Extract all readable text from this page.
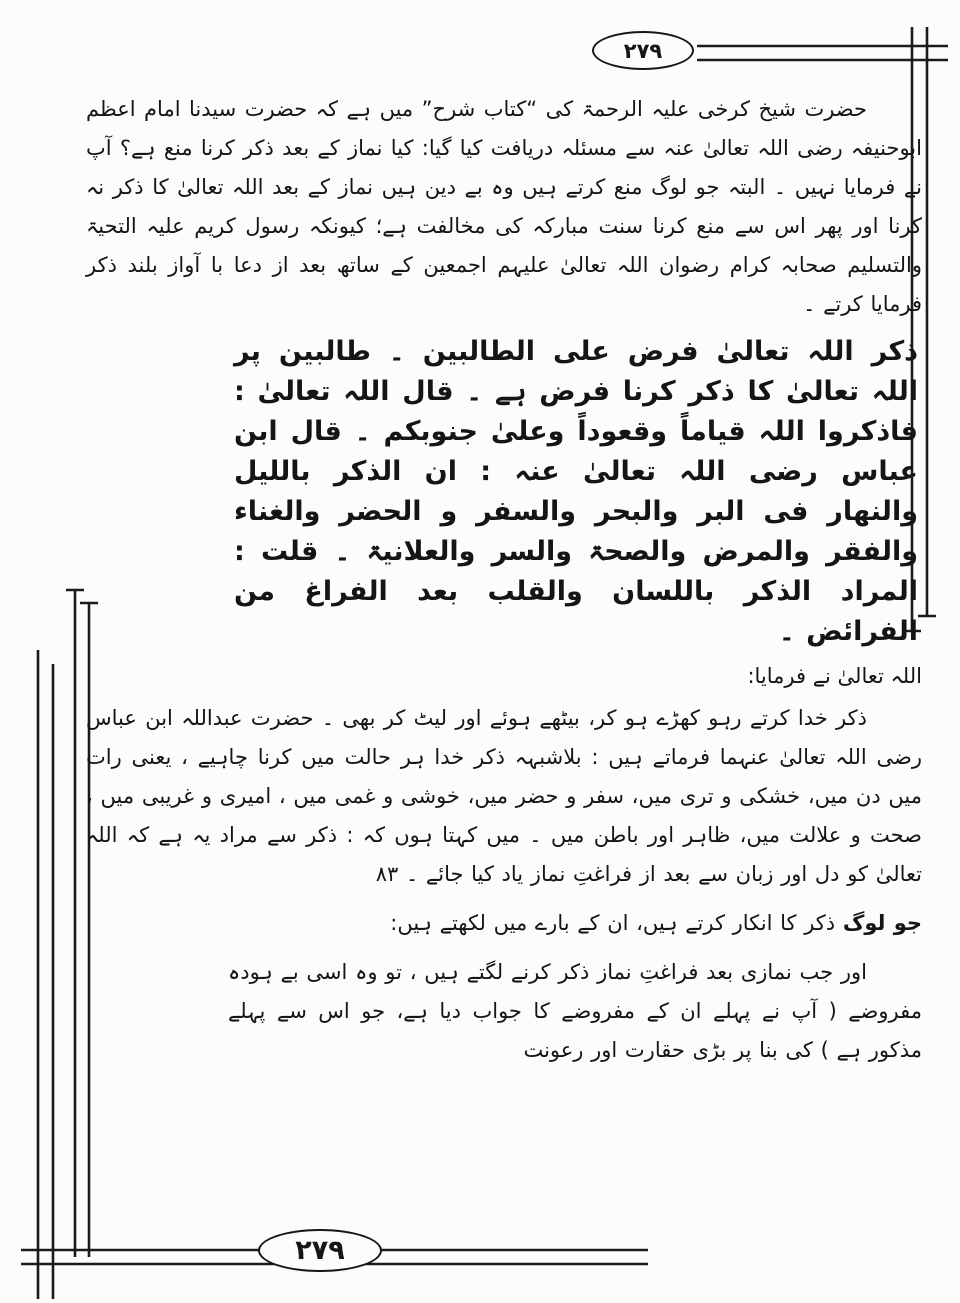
۲۷۹

حضرت شیخ کرخی علیہ الرحمۃ کی “کتاب شرح” میں ہے کہ حضرت سیدنا امام اعظم ابوحنیفہ رضی اللہ تعالیٰ عنہ سے مسئلہ دریافت کیا گیا: کیا نماز کے بعد ذکر کرنا منع ہے؟ آپ نے فرمایا نہیں ۔ البتہ جو لوگ منع کرتے ہیں وہ بے دین ہیں نماز کے بعد اللہ تعالیٰ کا ذکر نہ کرنا اور پھر اس سے منع کرنا سنت مبارکہ کی مخالفت ہے؛ کیونکہ رسول کریم علیہ التحیۃ والتسلیم صحابہ کرام رضوان اللہ تعالیٰ علیہم اجمعین کے ساتھ بعد از دعا با آواز بلند ذکر فرمایا کرتے ۔

ذکر اللہ تعالیٰ فرض علی الطالبین ۔ طالبین پر اللہ تعالیٰ کا ذکر کرنا فرض ہے ۔ قال اللہ تعالیٰ : فاذکروا اللہ قیاماً وقعوداً وعلیٰ جنوبکم ۔ قال ابن عباس رضی اللہ تعالیٰ عنہ : ان الذکر باللیل والنھار فی البر والبحر والسفر و الحضر والغناء والفقر والمرض والصحۃ والسر والعلانیۃ ۔ قلت : المراد الذکر باللسان والقلب بعد الفراغ من الفرائض ۔

اللہ تعالیٰ نے فرمایا:

ذکر خدا کرتے رہو کھڑے ہو کر، بیٹھے ہوئے اور لیٹ کر بھی ۔ حضرت عبداللہ ابن عباس رضی اللہ تعالیٰ عنہما فرماتے ہیں : بلاشبہہ ذکر خدا ہر حالت میں کرنا چاہیے ، یعنی رات میں دن میں، خشکی و تری میں، سفر و حضر میں، خوشی و غمی میں ، امیری و غریبی میں ، صحت و علالت میں، ظاہر اور باطن میں ۔ میں کہتا ہوں کہ : ذکر سے مراد یہ ہے کہ اللہ تعالیٰ کو دل اور زبان سے بعد از فراغتِ نماز یاد کیا جائے ۔ ۸۳

جو لوگ ذکر کا انکار کرتے ہیں، ان کے بارے میں لکھتے ہیں:

اور جب نمازی بعد فراغتِ نماز ذکر کرنے لگتے ہیں ، تو وہ اسی بے ہودہ مفروضے ( آپ نے پہلے ان کے مفروضے کا جواب دیا ہے، جو اس سے پہلے مذکور ہے ) کی بنا پر بڑی حقارت اور رعونت

۲۷۹
